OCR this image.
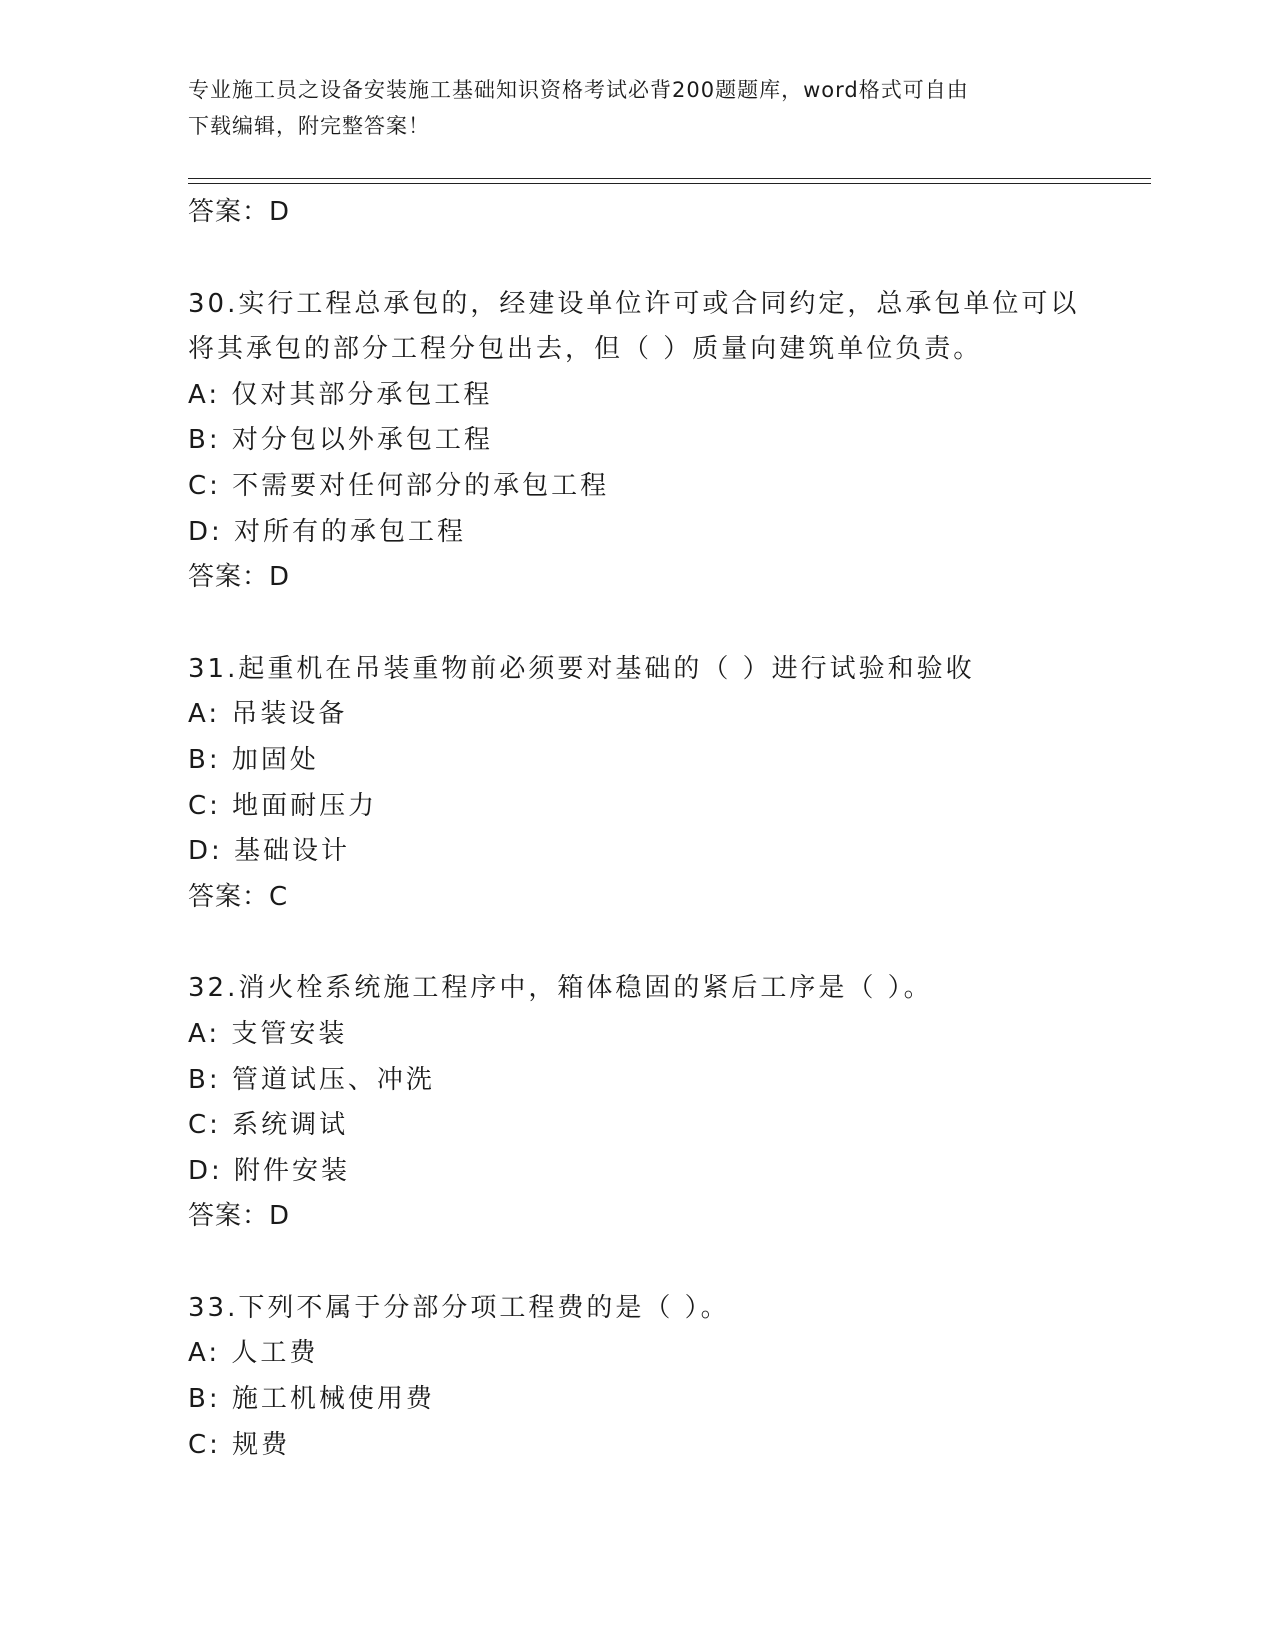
专业施工员之设备安装施工基础知识资格考试必背200题题库，word格式可自由
下载编辑，附完整答案！
答案：D
30.实行工程总承包的，经建设单位许可或合同约定，总承包单位可以
将其承包的部分工程分包出去，但（ ）质量向建筑单位负责。
A: 仅对其部分承包工程
B: 对分包以外承包工程
C: 不需要对任何部分的承包工程
D: 对所有的承包工程
答案：D
31.起重机在吊装重物前必须要对基础的（ ）进行试验和验收
A: 吊装设备
B: 加固处
C: 地面耐压力
D: 基础设计
答案：C
32.消火栓系统施工程序中，箱体稳固的紧后工序是（ ）。
A: 支管安装
B: 管道试压、冲洗
C: 系统调试
D: 附件安装
答案：D
33.下列不属于分部分项工程费的是（ ）。
A: 人工费
B: 施工机械使用费
C: 规费
